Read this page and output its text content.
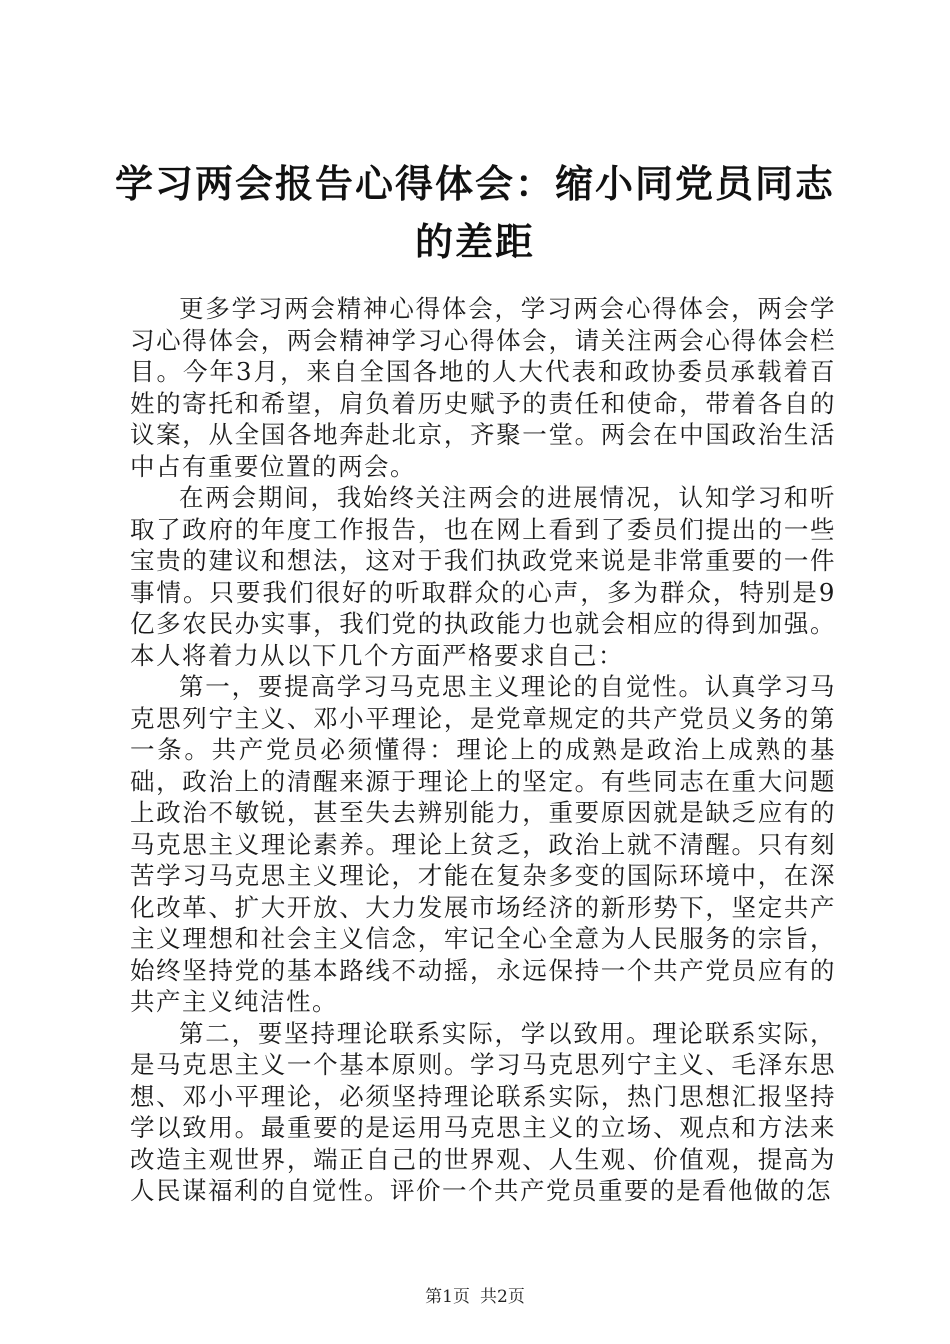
学习两会报告心得体会：缩小同党员同志的差距

更多学习两会精神心得体会，学习两会心得体会，两会学习心得体会，两会精神学习心得体会，请关注两会心得体会栏目。今年3月，来自全国各地的人大代表和政协委员承载着百姓的寄托和希望，肩负着历史赋予的责任和使命，带着各自的议案，从全国各地奔赴北京，齐聚一堂。两会在中国政治生活中占有重要位置的两会。

在两会期间，我始终关注两会的进展情况，认知学习和听取了政府的年度工作报告，也在网上看到了委员们提出的一些宝贵的建议和想法，这对于我们执政党来说是非常重要的一件事情。只要我们很好的听取群众的心声，多为群众，特别是9亿多农民办实事，我们党的执政能力也就会相应的得到加强。本人将着力从以下几个方面严格要求自己：

第一，要提高学习马克思主义理论的自觉性。认真学习马克思列宁主义、邓小平理论，是党章规定的共产党员义务的第一条。共产党员必须懂得：理论上的成熟是政治上成熟的基础，政治上的清醒来源于理论上的坚定。有些同志在重大问题上政治不敏锐，甚至失去辨别能力，重要原因就是缺乏应有的马克思主义理论素养。理论上贫乏，政治上就不清醒。只有刻苦学习马克思主义理论，才能在复杂多变的国际环境中，在深化改革、扩大开放、大力发展市场经济的新形势下，坚定共产主义理想和社会主义信念，牢记全心全意为人民服务的宗旨，始终坚持党的基本路线不动摇，永远保持一个共产党员应有的共产主义纯洁性。

第二，要坚持理论联系实际，学以致用。理论联系实际，是马克思主义一个基本原则。学习马克思列宁主义、毛泽东思想、邓小平理论，必须坚持理论联系实际，热门思想汇报坚持学以致用。最重要的是运用马克思主义的立场、观点和方法来改造主观世界，端正自己的世界观、人生观、价值观，提高为人民谋福利的自觉性。评价一个共产党员重要的是看他做的怎

第1页 共2页
